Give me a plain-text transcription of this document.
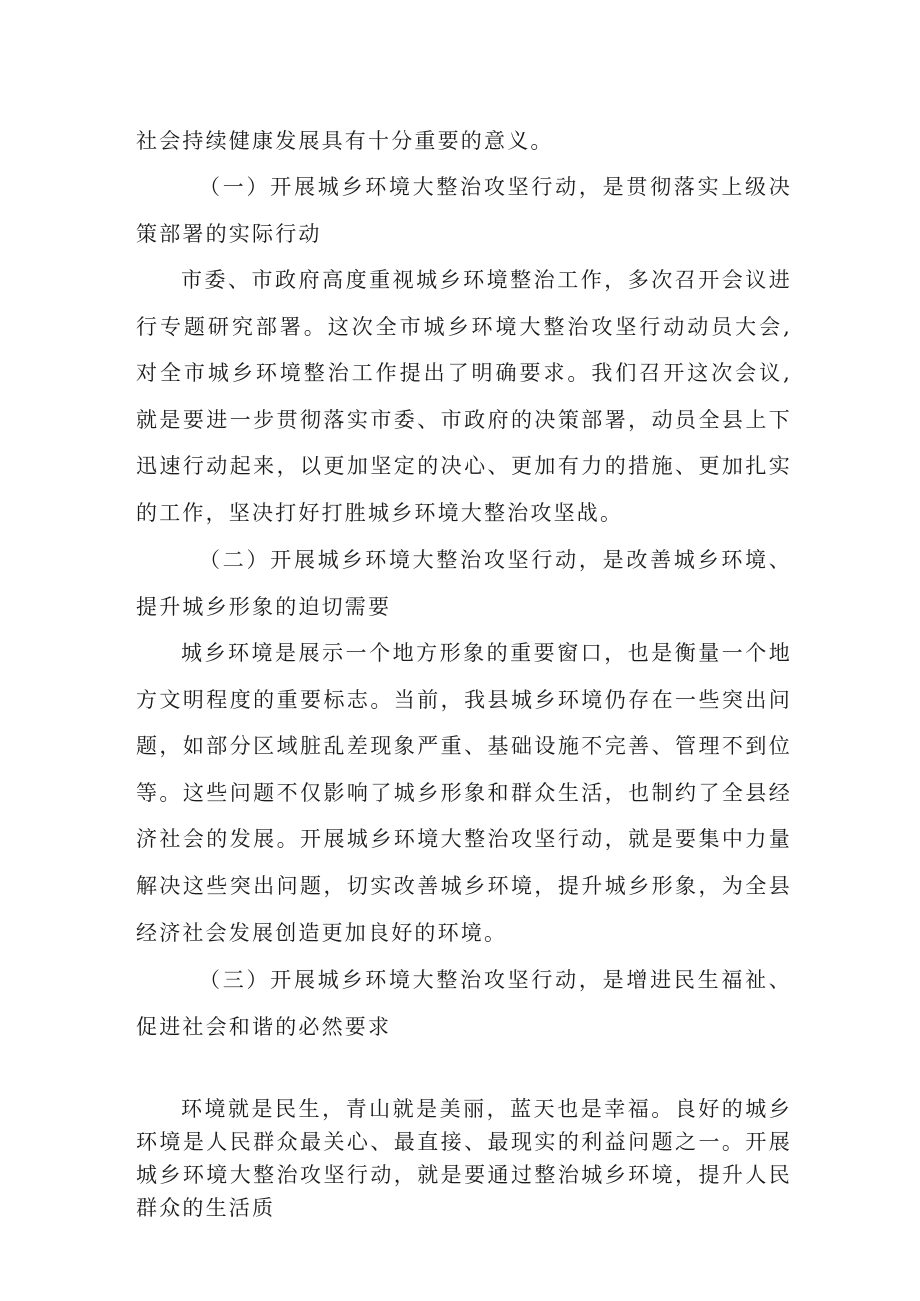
社会持续健康发展具有十分重要的意义。

（一）开展城乡环境大整治攻坚行动，是贯彻落实上级决策部署的实际行动

市委、市政府高度重视城乡环境整治工作，多次召开会议进行专题研究部署。这次全市城乡环境大整治攻坚行动动员大会,对全市城乡环境整治工作提出了明确要求。我们召开这次会议,就是要进一步贯彻落实市委、市政府的决策部署，动员全县上下迅速行动起来，以更加坚定的决心、更加有力的措施、更加扎实的工作，坚决打好打胜城乡环境大整治攻坚战。

（二）开展城乡环境大整治攻坚行动，是改善城乡环境、提升城乡形象的迫切需要

城乡环境是展示一个地方形象的重要窗口，也是衡量一个地方文明程度的重要标志。当前，我县城乡环境仍存在一些突出问题，如部分区域脏乱差现象严重、基础设施不完善、管理不到位等。这些问题不仅影响了城乡形象和群众生活，也制约了全县经济社会的发展。开展城乡环境大整治攻坚行动，就是要集中力量解决这些突出问题，切实改善城乡环境，提升城乡形象，为全县经济社会发展创造更加良好的环境。

（三）开展城乡环境大整治攻坚行动，是增进民生福祉、促进社会和谐的必然要求

环境就是民生，青山就是美丽，蓝天也是幸福。良好的城乡环境是人民群众最关心、最直接、最现实的利益问题之一。开展城乡环境大整治攻坚行动，就是要通过整治城乡环境，提升人民群众的生活质
